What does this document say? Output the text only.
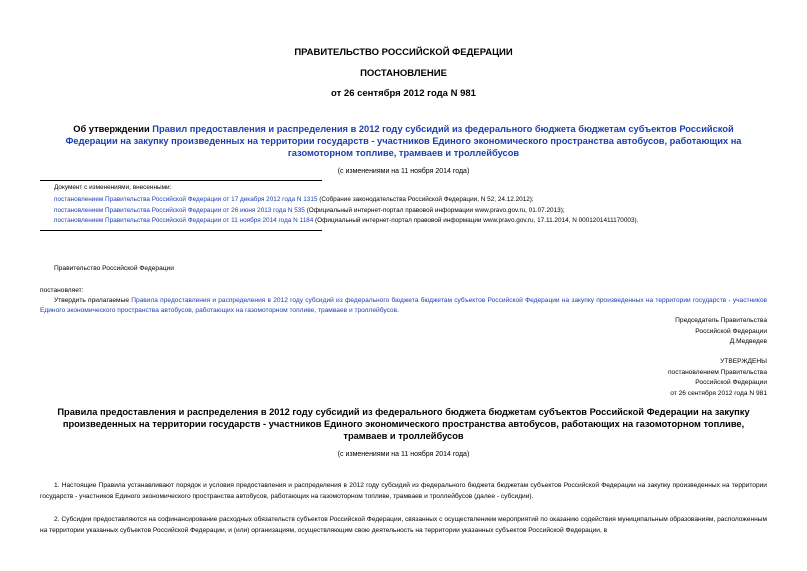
ПРАВИТЕЛЬСТВО РОССИЙСКОЙ ФЕДЕРАЦИИ
ПОСТАНОВЛЕНИЕ
от 26 сентября 2012 года N 981
Об утверждении Правил предоставления и распределения в 2012 году субсидий из федерального бюджета бюджетам субъектов Российской Федерации на закупку произведенных на территории государств - участников Единого экономического пространства автобусов, работающих на газомоторном топливе, трамваев и троллейбусов
(с изменениями на 11 ноября 2014 года)
Документ с изменениями, внесенными:
постановлением Правительства Российской Федерации от 17 декабря 2012 года N 1315 (Собрание законодательства Российской Федерации, N 52, 24.12.2012);
постановлением Правительства Российской Федерации от 26 июня 2013 года N 535 (Официальный интернет-портал правовой информации www.pravo.gov.ru, 01.07.2013);
постановлением Правительства Российской Федерации от 11 ноября 2014 года N 1184 (Официальный интернет-портал правовой информации www.pravo.gov.ru, 17.11.2014, N 0001201411170003).
Правительство Российской Федерации
постановляет:
Утвердить прилагаемые Правила предоставления и распределения в 2012 году субсидий из федерального бюджета бюджетам субъектов Российской Федерации на закупку произведенных на территории государств - участников Единого экономического пространства автобусов, работающих на газомоторном топливе, трамваев и троллейбусов.
Председатель Правительства
Российской Федерации
Д.Медведев
УТВЕРЖДЕНЫ
постановлением Правительства
Российской Федерации
от 26 сентября 2012 года N 981
Правила предоставления и распределения в 2012 году субсидий из федерального бюджета бюджетам субъектов Российской Федерации на закупку произведенных на территории государств - участников Единого экономического пространства автобусов, работающих на газомоторном топливе, трамваев и троллейбусов
(с изменениями на 11 ноября 2014 года)
1. Настоящие Правила устанавливают порядок и условия предоставления и распределения в 2012 году субсидий из федерального бюджета бюджетам субъектов Российской Федерации на закупку произведенных на территории государств - участников Единого экономического пространства автобусов, работающих на газомоторном топливе, трамваев и троллейбусов (далее - субсидии).
2. Субсидии предоставляются на софинансирование расходных обязательств субъектов Российской Федерации, связанных с осуществлением мероприятий по оказанию содействия муниципальным образованиям, расположенным на территории указанных субъектов Российской Федерации, и (или) организациям, осуществляющим свою деятельность на территории указанных субъектов Российской Федерации, в
